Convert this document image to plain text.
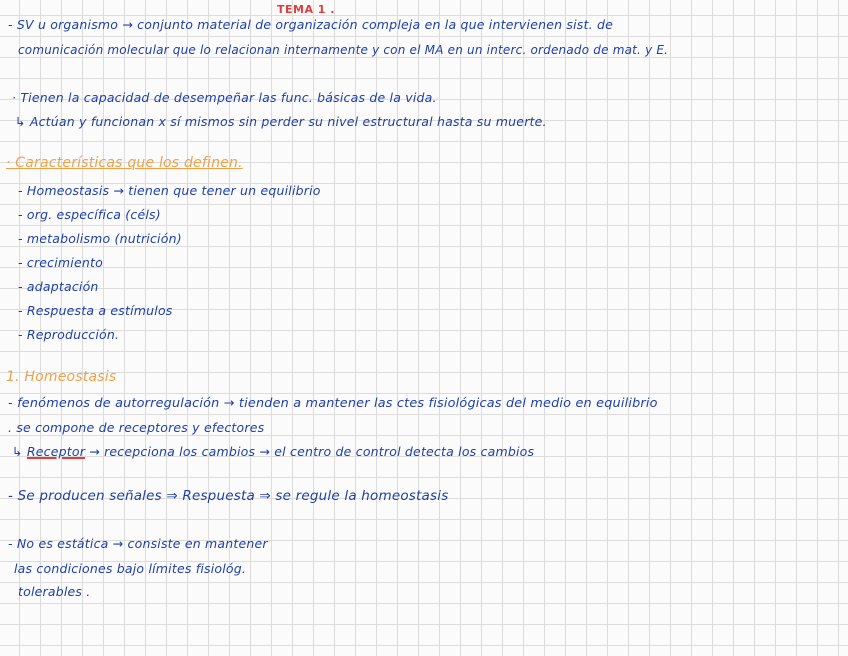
TEMA 1 .
- SV u organismo → conjunto material de organización compleja en la que intervienen sist. de
comunicación molecular que lo relacionan internamente y con el MA en un interc. ordenado de mat. y E.
· Tienen la capacidad de desempeñar las func. básicas de la vida.
↳ Actúan y funcionan x sí mismos sin perder su nivel estructural hasta su muerte.
· Características que los definen.
- Homeostasis → tienen que tener un equilibrio
- org. específica (céls)
- metabolismo (nutrición)
- crecimiento
- adaptación
- Respuesta a estímulos
- Reproducción.
1. Homeostasis
- fenómenos de autorregulación → tienden a mantener las ctes fisiológicas del medio en equilibrio
. se compone de receptores y efectores
↳ Receptor → recepciona los cambios → el centro de control detecta los cambios
- Se producen señales ⇒ Respuesta ⇒ se regule la homeostasis
- No es estática → consiste en mantener
las condiciones bajo límites fisiológ.
tolerables .
